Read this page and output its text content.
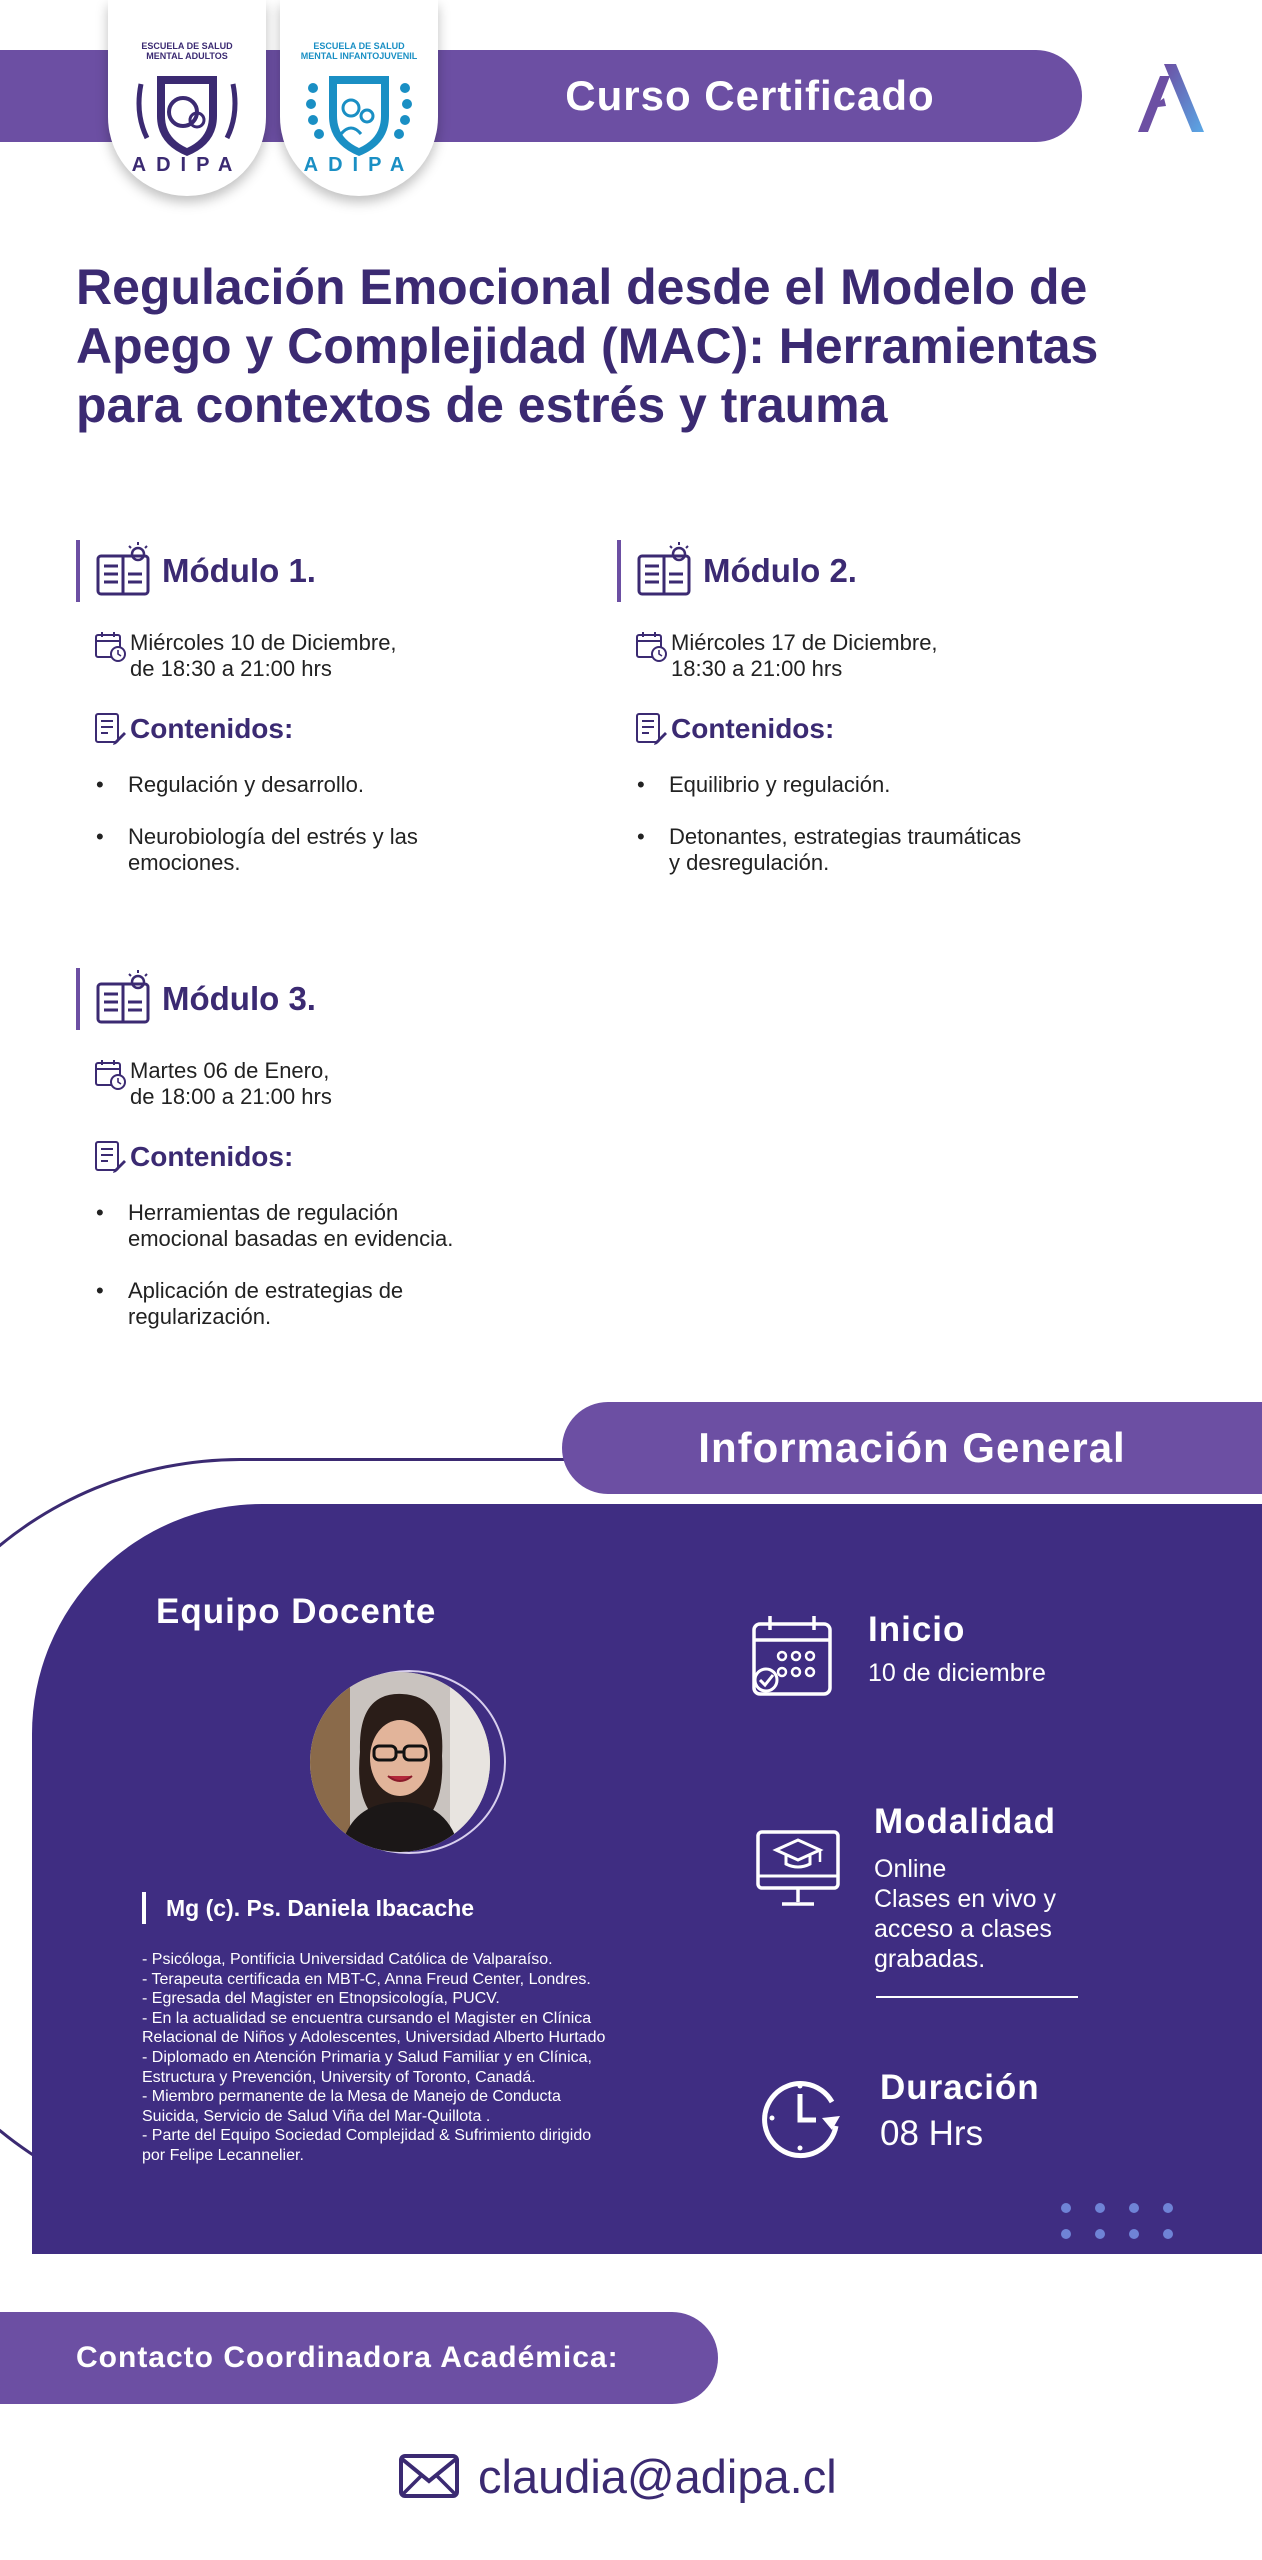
Curso Certificado
ESCUELA DE SALUD MENTAL ADULTOS
ADIPA
ESCUELA DE SALUD MENTAL INFANTOJUVENIL
ADIPA
Regulación Emocional desde el Modelo de Apego y Complejidad (MAC): Herramientas para contextos de estrés y trauma
Módulo 1.
Miércoles 10 de Diciembre,
de 18:30 a 21:00 hrs
Contenidos:
• Regulación y desarrollo.
• Neurobiología del estrés y las
emociones.
Módulo 2.
Miércoles 17 de Diciembre,
18:30 a 21:00 hrs
Contenidos:
• Equilibrio y regulación.
• Detonantes, estrategias traumáticas
y desregulación.
Módulo 3.
Martes 06 de Enero,
de 18:00 a 21:00 hrs
Contenidos:
• Herramientas de regulación
emocional basadas en evidencia.
• Aplicación de estrategias de
regularización.
Información General
Equipo Docente
Mg (c). Ps. Daniela Ibacache
- Psicóloga, Pontificia Universidad Católica de Valparaíso.
- Terapeuta certificada en MBT-C, Anna Freud Center, Londres.
- Egresada del Magister en Etnopsicología, PUCV.
- En la actualidad se encuentra cursando el Magister en Clínica
Relacional de Niños y Adolescentes, Universidad Alberto Hurtado
- Diplomado en Atención Primaria y Salud Familiar y en Clínica,
Estructura y Prevención, University of Toronto, Canadá.
- Miembro permanente de la Mesa de Manejo de Conducta
Suicida, Servicio de Salud Viña del Mar-Quillota .
- Parte del Equipo Sociedad Complejidad & Sufrimiento dirigido
por Felipe Lecannelier.
Inicio
10 de diciembre
Modalidad
Online
Clases en vivo y
acceso a clases
grabadas.
Duración
08 Hrs
Contacto Coordinadora Académica:
claudia@adipa.cl
